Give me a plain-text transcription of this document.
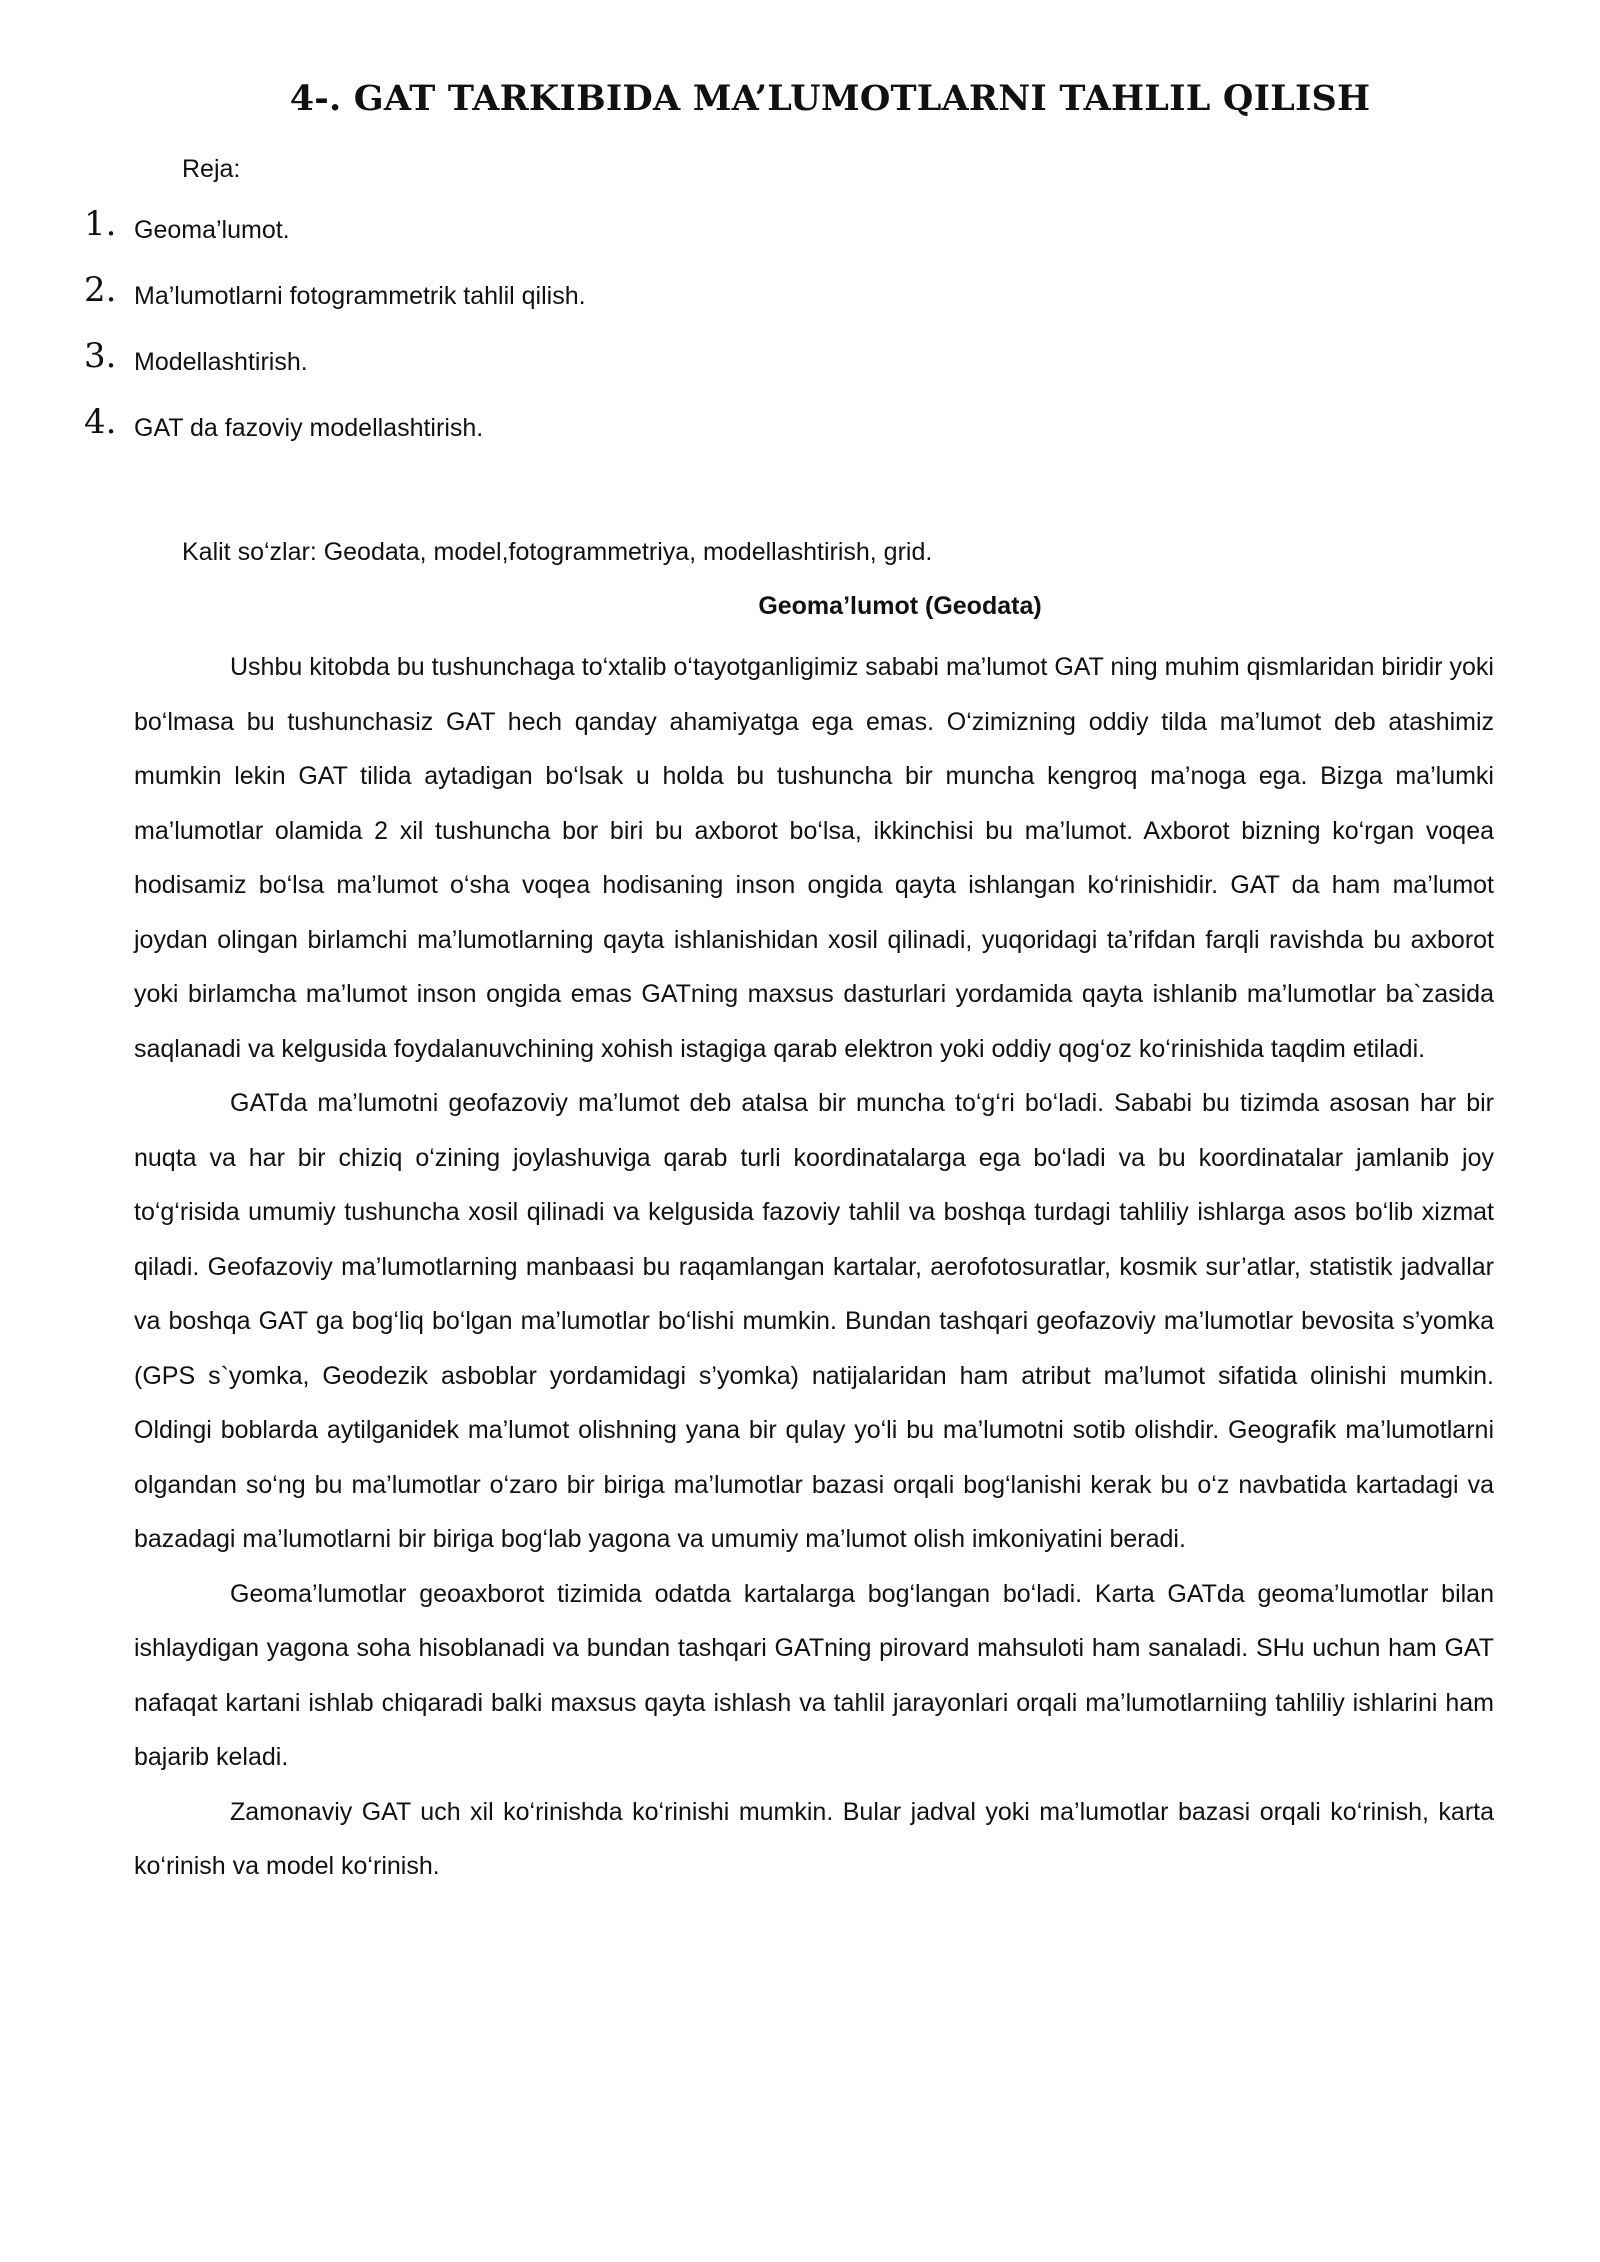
4-. GAT TARKIBIDA MA’LUMOTLARNI TAHLIL QILISH

Reja:

1. Geoma’lumot.
2. Ma’lumotlarni fotogrammetrik tahlil qilish.
3. Modellashtirish.
4. GAT da fazoviy modellashtirish.

Kalit so‘zlar: Geodata, model,fotogrammetriya, modellashtirish, grid.

Geoma’lumot (Geodata)

Ushbu kitobda bu tushunchaga to‘xtalib o‘tayotganligimiz sababi ma’lumot GAT ning muhim qismlaridan biridir yoki bo‘lmasa bu tushunchasiz GAT hech qanday ahamiyatga ega emas. O‘zimizning oddiy tilda ma’lumot deb atashimiz mumkin lekin GAT tilida aytadigan bo‘lsak u holda bu tushuncha bir muncha kengroq ma’noga ega. Bizga ma’lumki ma’lumotlar olamida 2 xil tushuncha bor biri bu axborot bo‘lsa, ikkinchisi bu ma’lumot. Axborot bizning ko‘rgan voqea hodisamiz bo‘lsa ma’lumot o‘sha voqea hodisaning inson ongida qayta ishlangan ko‘rinishidir. GAT da ham ma’lumot joydan olingan birlamchi ma’lumotlarning qayta ishlanishidan xosil qilinadi, yuqoridagi ta’rifdan farqli ravishda bu axborot yoki birlamcha ma’lumot inson ongida emas GATning maxsus dasturlari yordamida qayta ishlanib ma’lumotlar ba`zasida saqlanadi va kelgusida foydalanuvchining xohish istagiga qarab elektron yoki oddiy qog‘oz ko‘rinishida taqdim etiladi.

GATda ma’lumotni geofazoviy ma’lumot deb atalsa bir muncha to‘g‘ri bo‘ladi. Sababi bu tizimda asosan har bir nuqta va har bir chiziq o‘zining joylashuviga qarab turli koordinatalarga ega bo‘ladi va bu koordinatalar jamlanib joy to‘g‘risida umumiy tushuncha xosil qilinadi va kelgusida fazoviy tahlil va boshqa turdagi tahliliy ishlarga asos bo‘lib xizmat qiladi. Geofazoviy ma’lumotlarning manbaasi bu raqamlangan kartalar, aerofotosuratlar, kosmik sur’atlar, statistik jadvallar va boshqa GAT ga bog‘liq bo‘lgan ma’lumotlar bo‘lishi mumkin. Bundan tashqari geofazoviy ma’lumotlar bevosita s’yomka (GPS s`yomka, Geodezik asboblar yordamidagi s’yomka) natijalaridan ham atribut ma’lumot sifatida olinishi mumkin. Oldingi boblarda aytilganidek ma’lumot olishning yana bir qulay yo‘li bu ma’lumotni sotib olishdir. Geografik ma’lumotlarni olgandan so‘ng bu ma’lumotlar o‘zaro bir biriga ma’lumotlar bazasi orqali bog‘lanishi kerak bu o‘z navbatida kartadagi va bazadagi ma’lumotlarni bir biriga bog‘lab yagona va umumiy ma’lumot olish imkoniyatini beradi.

Geoma’lumotlar geoaxborot tizimida odatda kartalarga bog‘langan bo‘ladi. Karta GATda geoma’lumotlar bilan ishlaydigan yagona soha hisoblanadi va bundan tashqari GATning pirovard mahsuloti ham sanaladi. SHu uchun ham GAT nafaqat kartani ishlab chiqaradi balki maxsus qayta ishlash va tahlil jarayonlari orqali ma’lumotlarniing tahliliy ishlarini ham bajarib keladi.

Zamonaviy GAT uch xil ko‘rinishda ko‘rinishi mumkin. Bular jadval yoki ma’lumotlar bazasi orqali ko‘rinish, karta ko‘rinish va model ko‘rinish.
